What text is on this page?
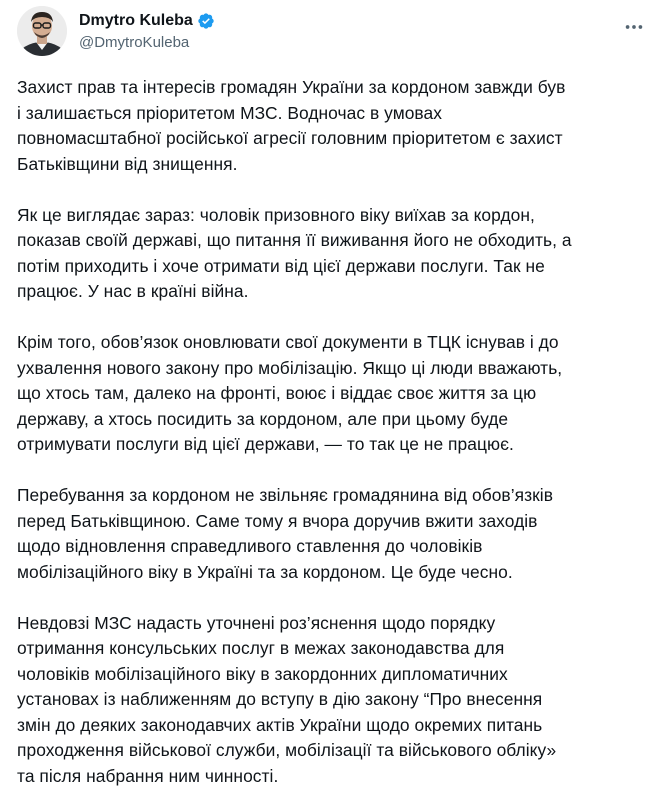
Dmytro Kuleba
@DmytroKuleba

Захист прав та інтересів громадян України за кордоном завжди був
і залишається пріоритетом МЗС. Водночас в умовах
повномасштабної російської агресії головним пріоритетом є захист
Батьківщини від знищення.

Як це виглядає зараз: чоловік призовного віку виїхав за кордон,
показав своїй державі, що питання її виживання його не обходить, а
потім приходить і хоче отримати від цієї держави послуги. Так не
працює. У нас в країні війна.

Крім того, обов’язок оновлювати свої документи в ТЦК існував і до
ухвалення нового закону про мобілізацію. Якщо ці люди вважають,
що хтось там, далеко на фронті, воює і віддає своє життя за цю
державу, а хтось посидить за кордоном, але при цьому буде
отримувати послуги від цієї держави, — то так це не працює.

Перебування за кордоном не звільняє громадянина від обов’язків
перед Батьківщиною. Саме тому я вчора доручив вжити заходів
щодо відновлення справедливого ставлення до чоловіків
мобілізаційного віку в Україні та за кордоном. Це буде чесно.

Невдовзі МЗС надасть уточнені роз’яснення щодо порядку
отримання консульських послуг в межах законодавства для
чоловіків мобілізаційного віку в закордонних дипломатичних
установах із наближенням до вступу в дію закону “Про внесення
змін до деяких законодавчих актів України щодо окремих питань
проходження військової служби, мобілізації та військового обліку»
та після набрання ним чинності.
